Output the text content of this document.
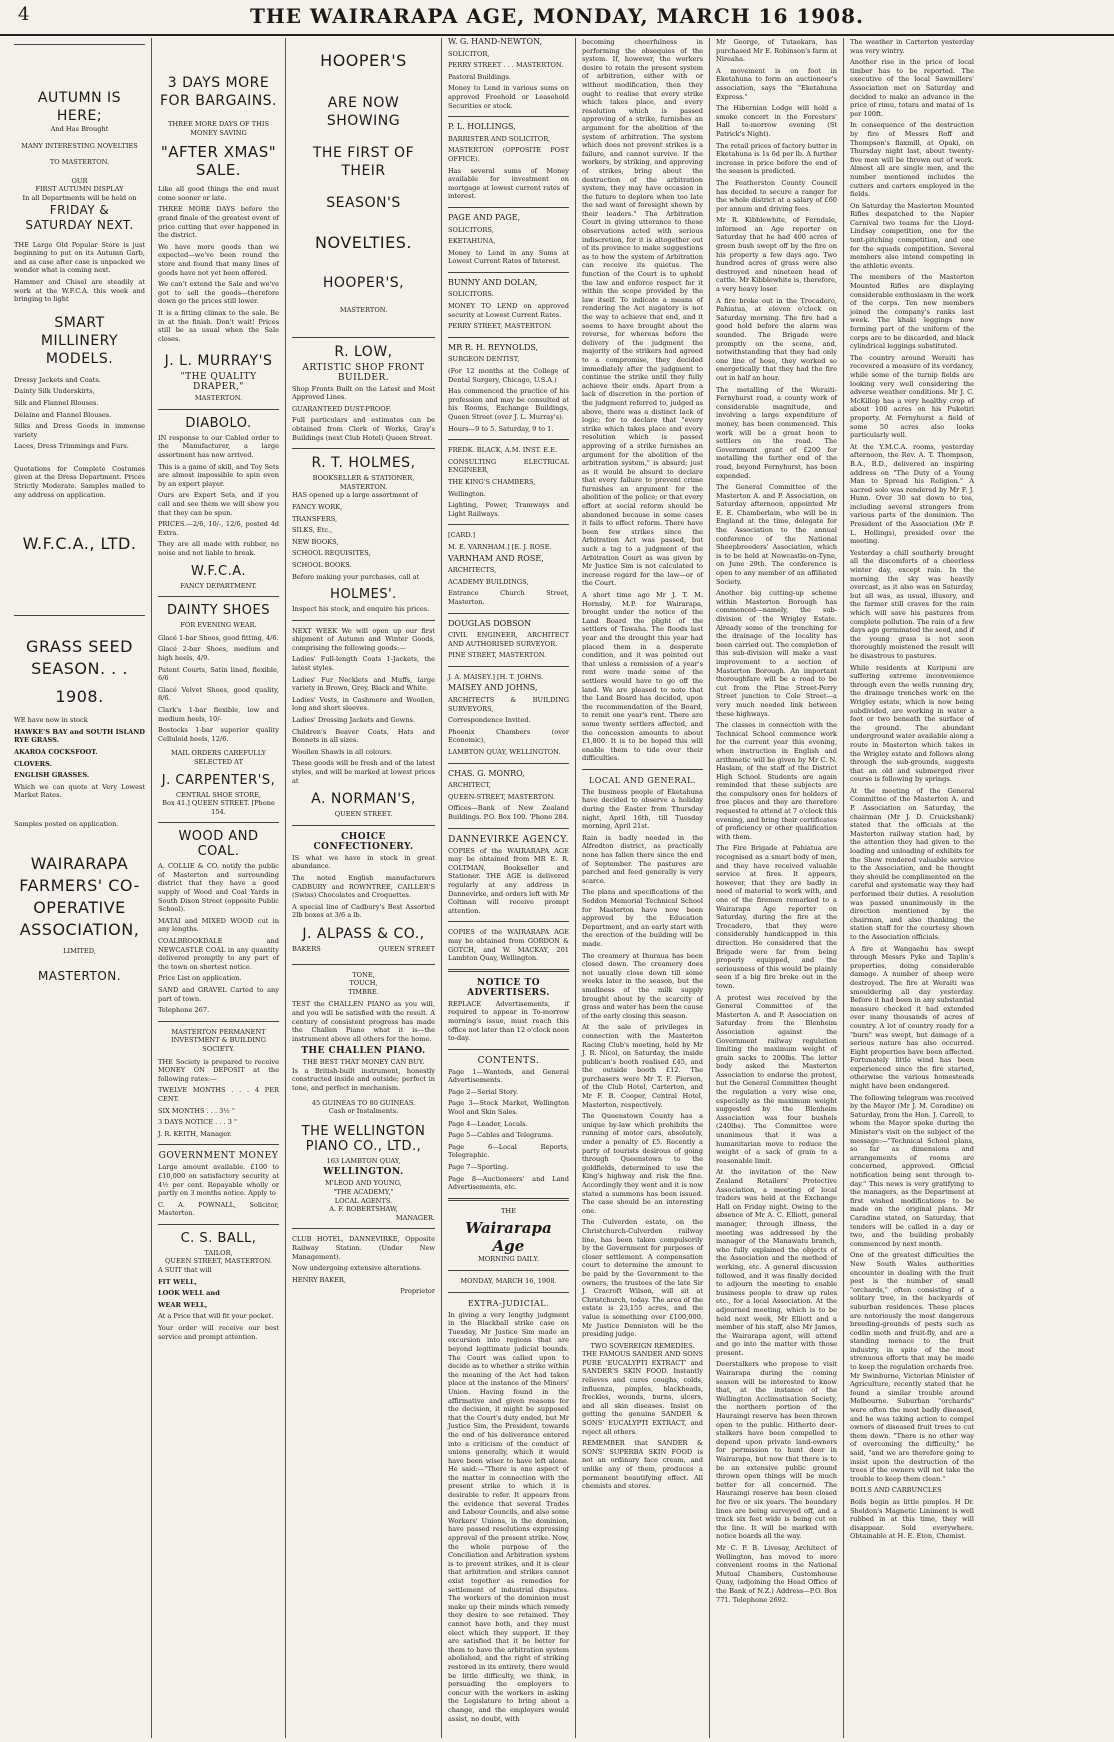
4	THE WAIRARAPA AGE, MONDAY, MARCH 16 1908.
AUTUMN IS HERE;
And Has Brought
MANY INTERESTING NOVELTIES
TO MASTERTON.
OUR
FIRST AUTUMN DISPLAY
In all Departments will be held on
FRIDAY & SATURDAY NEXT.

THE Large Old Popular Store is just beginning to put on its Autumn Garb, and as case after case is unpacked we wonder what is coming next.

Hammer and Chisel are steadily at work at the W.F.C.A. this week and bringing to light

SMART MILLINERY MODELS.

Dressy Jackets and Coats.

Dainty Silk Underskirts,

Silk and Flannel Blouses.

Delaine and Flannel Blouses.

Silks and Dress Goods in immense variety

Laces, Dress Trimmings and Furs.

Quotations for Complete Costumes given at the Dress Department. Prices Strictly Moderate. Samples mailed to any address on application.

W.F.C.A., LTD.
GRASS SEED SEASON. . .
1908.

WE have now in stock

HAWKE'S BAY and SOUTH ISLAND RYE GRASS.

AKAROA COCKSFOOT.

CLOVERS.

ENGLISH GRASSES.

Which we can quote at Very Lowest Market Rates.

Samples posted on application.

WAIRARAPA FARMERS' CO-OPERATIVE ASSOCIATION,
LIMITED,
MASTERTON.
3 DAYS MORE FOR BARGAINS.
THREE MORE DAYS OF THIS MONEY SAVING
"AFTER XMAS" SALE.

Like all good things the end must come sooner or late.

THREE MORE DAYS before the grand finale of the greatest event of price cutting that ever happened in the district.

We have more goods than we expected—we've been round the store and found that many lines of goods have not yet been offered.

We can't extend the Sale and we've got to sell the goods—therefore down go the prices still lower.

It is a fitting climax to the sale. Be in at the finish. Don't wait! Prices still be as usual when the Sale closes.

J. L. MURRAY'S
"THE QUALITY DRAPER,"
MASTERTON.
DIABOLO.

IN response to our Cabled order to the Manufacturer, a large assortment has now arrived.

This is a game of skill, and Toy Sets are almost impossible to spin even by an expert player.

Ours are Expert Sets, and if you call and see them we will show you that they can be spun.

PRICES.—2/6, 10/-, 12/6, posted 4d Extra.

They are all made with rubber, no noise and not liable to break.

W.F.C.A.
FANCY DEPARTMENT.
DAINTY SHOES
FOR EVENING WEAR.

Glacé 1-bar Shoes, good fitting, 4/6.

Glacé 2-bar Shoes, medium and high heels, 4/9.

Patent Courts, Satin lined, flexible, 6/6

Glacé Velvet Shoes, good quality, 8/6.

Clark's 1-bar flexible, low and medium heels, 10/-

Bostocks 1-bar superior quality Celluloid heels, 12/6.

MAIL ORDERS CAREFULLY SELECTED AT
J. CARPENTER'S,
CENTRAL SHOE STORE,
Box 41.] QUEEN STREET. [Phone 154.
WOOD AND COAL.

A. COLLIE & CO. notify the public of Masterton and surrounding district that they have a good supply of Wood and Coal Yards in South Dixon Street (opposite Public School).

MATAI and MIXED WOOD cut in any lengths.

COALBROOKDALE and NEWCASTLE COAL in any quantity delivered promptly to any part of the town on shortest notice.

Price List on application.

SAND and GRAVEL Carted to any part of town.

Telephone 267.

MASTERTON PERMANENT INVESTMENT & BUILDING SOCIETY.

THE Society is prepared to receive MONEY ON DEPOSIT at the following rates:—

TWELVE MONTHS . . . 4 PER CENT.

SIX MONTHS . . . 3½ "

3 DAYS NOTICE . . . 3 "

J. R. KEITH, Manager.

GOVERNMENT MONEY

Large amount available. £100 to £10,000 on satisfactory security at 4½ per cent. Repayable wholly or partly on 3 months notice. Apply to

C. A. POWNALL, Solicitor, Masterton.

C. S. BALL,
TAILOR,
QUEEN STREET, MASTERTON.

A SUIT that will

FIT WELL,

LOOK WELL and

WEAR WELL,

At a Price that will fit your pocket.

Your order will receive our best service and prompt attention.

HOOPER'S
ARE NOW SHOWING
THE FIRST OF THEIR
SEASON'S
NOVELTIES.
HOOPER'S,
MASTERTON.
R. LOW,
ARTISTIC SHOP FRONT BUILDER.

Shop Fronts Built on the Latest and Most Approved Lines.

GUARANTEED DUST-PROOF.

Full particulars and estimates can be obtained from Clerk of Works, Gray's Buildings (next Club Hotel) Queen Street.

R. T. HOLMES,
BOOKSELLER & STATIONER,
MASTERTON.

HAS opened up a large assortment of

FANCY WORK,

TRANSFERS,

SILKS, Etc.,

NEW BOOKS,

SCHOOL REQUISITES,

SCHOOL BOOKS.

Before making your purchases, call at

HOLMES'.

Inspect his stock, and enquire his prices.

NEXT WEEK We will open up our first shipment of Autumn and Winter Goods, comprising the following goods:—

Ladies' Full-length Coats 1-Jackets, the latest styles.

Ladies' Fur Necklets and Muffs, large variety in Brown, Grey, Black and White.

Ladies' Vests, in Cashmere and Woollen, long and short sleeves.

Ladies' Dressing Jackets and Gowns.

Children's Beaver Coats, Hats and Bonnets in all sizes.

Woollen Shawls in all colours.

These goods will be fresh and of the latest styles, and will be marked at lowest prices at

A. NORMAN'S,
QUEEN STREET.
CHOICE CONFECTIONERY.

IS what we have in stock in great abundance.

The noted English manufacturers CADBURY and ROWNTREE, CAILLER'S (Swiss) Chocolates and Croquettes.

A special line of Cadbury's Best Assorted 2lb boxes at 3/6 a lb.

J. ALPASS & CO.,
BAKERS	QUEEN STREET
TONE,
TOUCH,
TIMBRE.

TEST the CHALLEN PIANO as you will, and you will be satisfied with the result. A century of consistent progress has made the Challen Piano what it is—the instrument above all others for the home.

THE CHALLEN PIANO.
THE BEST THAT MONEY CAN BUY.

Is a British-built instrument, honestly constructed inside and outside; perfect in tone, and perfect in mechanism.

45 GUINEAS TO 80 GUINEAS.
Cash or Instalments.
THE WELLINGTON PIANO CO., LTD.,
163 LAMBTON QUAY,
WELLINGTON.
M'LEOD AND YOUNG,
"THE ACADEMY,"
LOCAL AGENTS.
A. F. ROBERTSHAW,
MANAGER.

CLUB HOTEL, DANNEVIRKE, Opposite Railway Station. (Under New Management).

Now undergoing extensive alterations.

HENRY BAKER,

Proprietor

W. G. HAND-NEWTON,

SOLICITOR,

PERRY STREET . . . MASTERTON.

Pastoral Buildings.

Money to Lend in various sums on approved Freehold or Leasehold Securities or stock.

P. L. HOLLINGS,

BARRISTER AND SOLICITOR,

MASTERTON (OPPOSITE POST OFFICE).

Has several sums of Money available for investment on mortgage at lowest current rates of interest.

PAGE AND PAGE,

SOLICITORS,

EKETAHUNA,

Money to Lend in any Sums at Lowest Current Rates of Interest.

BUNNY AND DOLAN,

SOLICITORS.

MONEY TO LEND on approved security at Lowest Current Rates.

PERRY STREET, MASTERTON.

MR R. H. REYNOLDS,

SURGEON DENTIST,

(For 12 months at the College of Dental Surgery, Chicago, U.S.A.)

Has commenced the practice of his profession and may be consulted at his Rooms, Exchange Buildings, Queen Street (over J. L. Murray's).

Hours—9 to 5. Saturday, 9 to 1.

FREDK. BLACK, A.M. INST. E.E.

CONSULTING ELECTRICAL ENGINEER,

THE KING'S CHAMBERS,

Wellington.

Lighting, Power, Tramways and Light Railways.

[CARD.]

M. E. VARNHAM.] [E. J. ROSE.

VARNHAM AND ROSE,

ARCHITECTS,

ACADEMY BUILDINGS,

Entrance Church Street, Masterton.

DOUGLAS DOBSON

CIVIL ENGINEER, ARCHITECT AND AUTHORISED SURVEYOR.

PINE STREET, MASTERTON.

J. A. MAISEY.] [H. T. JOHNS.

MAISEY AND JOHNS,

ARCHITECTS & BUILDING SURVEYORS,

Correspondence Invited.

Phoenix Chambers (over Economic),

LAMBTON QUAY, WELLINGTON.

CHAS. G. MONRO,

ARCHITECT,

QUEEN-STREET, MASTERTON.

Offices—Bank of New Zealand Buildings. P.O. Box 100. 'Phone 284.

DANNEVIRKE AGENCY.

COPIES of the WAIRARAPA AGE may be obtained from MR E. R. COLTMAN, Bookseller and Stationer. THE AGE is delivered regularly at any address in Dannevirke, and orders left with Mr Coltman will receive prompt attention.

COPIES of the WAIRARAPA AGE may be obtained from GORDON & GOTCH, and W. MACKAY, 201 Lambton Quay, Wellington.

NOTICE TO ADVERTISERS.

REPLACE Advertisements, if required to appear in To-morrow morning's issue, must reach this office not later than 12 o'clock noon to-day.

CONTENTS.

Page 1—Wanteds, and General Advertisements.

Page 2—Serial Story.

Page 3—Stock Market, Wellington Wool and Skin Sales.

Page 4—Leader, Locals.

Page 5—Cables and Telegrams.

Page 6—Local Reports, Telegraphic.

Page 7—Sporting.

Page 8—Auctioneers' and Land Advertisements, etc.

THE
Wairarapa Age
MORNING DAILY.
MONDAY, MARCH 16, 1908.
EXTRA-JUDICIAL.

In giving a very lengthy judgment in the Blackball strike case on Tuesday, Mr Justice Sim made an excursion into regions that are beyond legitimate judicial bounds. The Court was called upon to decide as to whether a strike within the meaning of the Act had taken place at the instance of the Miners' Union. Having found in the affirmative and given reasons for the decision, it might be supposed that the Court's duty ended, but Mr Justice Sim, the President, towards the end of his deliverance entered into a criticism of the conduct of unions generally, which it would have been wiser to have left alone. He said:—"There is one aspect of the matter in connection with the present strike to which it is desirable to refer. It appears from the evidence that several Trades and Labour Councils, and also some Workers' Unions, in the dominion, have passed resolutions expressing approval of the present strike. Now, the whole purpose of the Conciliation and Arbitration system is to prevent strikes, and it is clear that arbitration and strikes cannot exist together as remedies for settlement of industrial disputes. The workers of the dominion must make up their minds which remedy they desire to see retained. They cannot have both, and they must elect which they support. If they are satisfied that it be better for them to have the arbitration system abolished, and the right of striking restored in its entirety, there would be little difficulty, we think, in persuading the employers to concur with the workers in asking the Legislature to bring about a change, and the employers would assist, no doubt, with

becoming cheerfulness in performing the obsequies of the system. If, however, the workers desire to retain the present system of arbitration, either with or without modification, then they ought to realise that every strike which takes place, and every resolution which is passed approving of a strike, furnishes an argument for the abolition of the system of arbitration. The system which does not prevent strikes is a failure, and cannot survive. If the workers, by striking, and approving of strikes, bring about the destruction of the arbitration system, they may have occasion in the future to deplore when too late the sad want of foresight shown by their leaders." The Arbitration Court in giving utterance to these observations acted with serious indiscretion, for it is altogether out of its province to make suggestions as to how the system of Arbitration can receive its quietus. The function of the Court is to uphold the law and enforce respect for it within the scope provided by the law itself. To indicate a means of rendering the Act nugatory is not the way to achieve that end, and it seems to have brought about the reverse, for whereas before the delivery of the judgment the majority of the strikers had agreed to a compromise, they decided immediately after the judgment to continue the strike until they fully achieve their ends. Apart from a lack of discretion in the portion of the judgment referred to, judged as above, there was a distinct lack of logic; for to declare that "every strike which takes place and every resolution which is passed approving of a strike furnishes an argument for the abolition of the arbitration system," is absurd; just as it would be absurd to declare that every failure to prevent crime furnishes an argument for the abolition of the police; or that every effort at social reform should be abandoned because in some cases it fails to effect reform. There have been few strikes since the Arbitration Act was passed, but such a tag to a judgment of the Arbitration Court as was given by Mr Justice Sim is not calculated to increase regard for the law—or of the Court.

A short time ago Mr J. T. M. Hornsby, M.P. for Wairarapa, brought under the notice of the Land Board the plight of the settlers of Tawaha. The floods last year and the drought this year had placed them in a desperate condition, and it was pointed out that unless a remission of a year's rent were made some of the settlers would have to go off the land. We are pleased to note that the Land Board has decided, upon the recommendation of the Board, to remit one year's rent. There are some twenty settlers affected, and the concession amounts to about £1,800. It is to be hoped this will enable them to tide over their difficulties.

LOCAL AND GENERAL.

The business people of Eketahuna have decided to observe a holiday during the Easter from Thursday night, April 16th, till Tuesday morning, April 21st.

Rain is badly needed in the Alfredton district, as practically none has fallen there since the end of September. The pastures are parched and feed generally is very scarce.

The plans and specifications of the Seddon Memorial Technical School for Masterton have now been approved by the Education Department, and an early start with the erection of the building will be made.

The creamery at Ihuraua has been closed down. The creamery does not usually close down till some weeks later in the season, but the smallness of the milk supply brought about by the scarcity of grass and water has been the cause of the early closing this season.

At the sale of privileges in connection with the Masterton Racing Club's meeting, held by Mr J. R. Nicol, on Saturday, the inside publican's booth realised £45, and the outside booth £12. The purchasers were Mr T. F. Pierson, of the Club Hotel, Carterton, and Mr F. B. Cooper, Central Hotel, Masterton, respectively.

The Queenstown County has a unique by-law which prohibits the running of motor cars, absolutely, under a penalty of £5. Recently a party of tourists desirous of going through Queenstown to the goldfields, determined to use the King's highway and risk the fine. Accordingly they went and it is now stated a summons has been issued. The case should be an interesting one.

The Culverden estate, on the Christchurch-Culverden railway line, has been taken compulsorily by the Government for purposes of closer settlement. A compensation court to determine the amount to be paid by the Government to the owners, the trustees of the late Sir J. Cracroft Wilson, will sit at Christchurch, today. The area of the estate is 23,155 acres, and the value is something over £100,000. Mr Justice Denniston will be the presiding judge.

TWO SOVEREIGN REMEDIES.

THE FAMOUS SANDER AND SONS PURE 'EUCALYPTI EXTRACT' and SANDER'S SKIN FOOD. Instantly relieves and cures coughs, colds, influenza, pimples, blackheads, freckles, wounds, burns, ulcers, and all skin diseases. Insist on getting the genuine SANDER & SONS' EUCALYPTI EXTRACT, and reject all others.

REMEMBER that SANDER & SONS' SUPERBA SKIN FOOD is not an ordinary face cream, and unlike any of them, produces a permanent beautifying effect. All chemists and stores.

Mr George, of Tutaekara, has purchased Mr E. Robinson's farm at Nireaha.

A movement is on foot in Eketahuna to form an auctioneer's association, says the "Eketahuna Express."

The Hibernian Lodge will hold a smoke concert in the Foresters' Hall to-morrow evening (St Patrick's Night).

The retail prices of factory butter in Eketahuna is 1s 6d per lb. A further increase in price before the end of the season is predicted.

The Featherston County Council has decided to secure a ranger for the whole district at a salary of £60 per annum and driving fees.

Mr R. Kibblewhite, of Ferndale, informed an Age reporter on Saturday that he had 400 acres of green bush swept off by the fire on his property a few days ago. Two hundred acres of grass were also destroyed and nineteen head of cattle. Mr Kibblewhite is, therefore, a very heavy loser.

A fire broke out in the Trocadero, Pahiatua, at eleven o'clock on Saturday morning. The fire had a good hold before the alarm was sounded. The Brigade were promptly on the scene, and, notwithstanding that they had only one line of hose, they worked so energetically that they had the fire out in half an hour.

The metalling of the Weraiti-Fernyhurst road, a county work of considerable magnitude, and involving a large expenditure of money, has been commenced. This work will be a great boon to settlers on the road. The Government grant of £200 for metalling the farther end of the road, beyond Fernyhurst, has been expended.

The General Committee of the Masterton A. and P. Association, on Saturday afternoon, appointed Mr E. E. Chamberlain, who will be in England at the time, delegate for the Association to the annual conference of the National Sheepbreeders' Association, which is to be held at Newcastle-on-Tyne, on June 29th. The conference is open to any member of an affiliated Society.

Another big cutting-up scheme within Masterton Borough has commenced—namely, the sub-division of the Wrigley Estate. Already some of the trenching for the drainage of the locality has been carried out. The completion of this sub-division will make a vast improvement to a section of Masterton Borough. An important thoroughfare will be a road to be cut from the Pine Street-Perry Street junction to Cole Street—a very much needed link between these highways.

The classes in connection with the Technical School commence work for the current year this evening, when instruction in English and arithmetic will be given by Mr C. N. Haslam, of the staff of the District High School. Students are again reminded that these subjects are the compulsory ones for holders of free places and they are therefore requested to attend at 7 o'clock this evening, and bring their certificates of proficiency or other qualification with them.

The Fire Brigade at Pahiatua are recognised as a smart body of men, and they have received valuable service at fires. It appears, however, that they are badly in need of material to work with, and one of the firemen remarked to a Wairarapa Age reporter on Saturday, during the fire at the Trocadero, that they were considerably handicapped in this direction. He considered that the Brigade were far from being properly equipped, and the seriousness of this would be plainly seen if a big fire broke out in the town.

A protest was received by the General Committee of the Masterton A. and P. Association on Saturday from the Blenheim Association against the Government railway regulation limiting the maximum weight of grain sacks to 200lbs. The letter body asked the Masterton Association to endorse the protest, but the General Committee thought the regulation a very wise one, especially as the maximum weight suggested by the Blenheim Association was four bushels (240lbs). The Committee were unanimous that it was a humanitarian move to reduce the weight of a sack of grain to a reasonable limit.

At the invitation of the New Zealand Retailers' Protective Association, a meeting of local traders was held at the Exchange Hall on Friday night. Owing to the absence of Mr A. C. Elliott, general manager, through illness, the meeting was addressed by the manager of the Manawatu branch, who fully explained the objects of the Association and the method of working, etc. A general discussion followed, and it was finally decided to adjourn the meeting to enable business people to draw up rules etc., for a local Association. At the adjourned meeting, which is to be held next week, Mr Elliott and a member of his staff, also Mr James, the Wairarapa agent, will attend and go into the matter with those present.

Deerstalkers who propose to visit Wairarapa during the coming season will be interested to know that, at the instance of the Wellington Acclimatisation Society, the northern portion of the Hauraingi reserve has been thrown open to the public. Hitherto deer-stalkers have been compelled to depend upon private land-owners for permission to hunt deer in Wairarapa, but now that there is to be an extensive public ground thrown open things will be much better for all concerned. The Hauraingi reserve has been closed for five or six years. The boundary lines are being surveyed off, and a track six feet wide is being cut on the line. It will be marked with notice boards all the way.

Mr C. P. B. Livesay, Architect of Wellington, has moved to more convenient rooms in the National Mutual Chambers, Customhouse Quay, (adjoining the Head Office of the Bank of N.Z.) Address—P.O. Box 771. Telephone 2692.

The weather in Carterton yesterday was very wintry.

Another rise in the price of local timber has to be reported. The executive of the local Sawmillers' Association met on Saturday and decided to make an advance in the price of rimu, totara and matai of 1s per 100ft.

In consequence of the destruction by fire of Messrs Roff and Thompson's flaxmill, at Opaki, on Thursday night last, about twenty-five men will be thrown out of work. Almost all are single men, and the number mentioned includes the cutters and carters employed in the fields.

On Saturday the Masterton Mounted Rifles despatched to the Napier Carnival two teams for the Lloyd-Lindsay competition, one for the tent-pitching competition, and one for the squads competition. Several members also intend competing in the athletic events.

The members of the Masterton Mounted Rifles are displaying considerable enthusiasm in the work of the corps. Ten new members joined the company's ranks last week. The khaki leggings now forming part of the uniform of the corps are to be discarded, and black cylindrical leggings substituted.

The country around Weraiti has recovered a measure of its verdancy, while some of the turnip fields are looking very well considering the adverse weather conditions. Mr J. C. McKillop has a very healthy crop of about 100 acres on his Puketiri property. At Fernyhurst a field of some 50 acres also looks particularly well.

At the Y.M.C.A. rooms, yesterday afternoon, the Rev. A. T. Thompson, B.A., B.D., delivered an inspiring address on "The Duty of a Young Man to Spread his Religion." A sacred solo was rendered by Mr F. J. Hunn. Over 30 sat down to tea, including several strangers from various parts of the dominion. The President of the Association (Mr P. L. Hollings), presided over the meeting.

Yesterday a chill southerly brought all the discomforts of a cheerless winter day, except rain. In the morning the sky was heavily overcast, as it also was on Saturday, but all was, as usual, illusory, and the farmer still craves for the rain which will save his pastures from complete pollution. The rain of a few days ago germinated the seed, and if the young grass is not soon thoroughly moistened the result will be disastrous to pastures.

While residents at Kuripuni are suffering extreme inconvenience through even the wells running dry, the drainage trenches work on the Wrigley estate, which is now being subdivided, are working in water a foot or two beneath the surface of the ground. The abundant underground water available along a route in Masterton which takes in the Wrigley estate and follows along through the sub-grounds, suggests that an old and submerged river course is following by springs.

At the meeting of the General Committee of the Masterton A. and P. Association on Saturday, the chairman (Mr J. D. Cruickshank) stated that the officials at the Masterton railway station had, by the attention they had given to the loading and unloading of exhibits for the Show rendered valuable service to the Association, and he thought they should be complimented on the careful and systematic way they had performed their duties. A resolution was passed unanimously in the direction mentioned by the chairman, and also thanking the station staff for the courtesy shown to the Association officials.

A fire at Wangaehu has swept through Messrs Pyke and Taplin's properties, doing considerable damage. A number of sheep were destroyed. The fire at Weraiti was smouldering all day yesterday. Before it had been in any substantial measure checked it had extended over many thousands of acres of country. A lot of country ready for a "burn" was swept, but damage of a serious nature has also occurred. Eight properties have been affected. Fortunately little wind has been experienced since the fire started, otherwise the various homesteads might have been endangered.

The following telegram was received by the Mayor (Mr J. M. Coradine) on Saturday, from the Hon. J. Carroll, to whom the Mayor spoke during the Minister's visit on the subject of the message:—"Technical School plans, so far as dimensions and arrangements of rooms are concerned, approved. Official notification being sent through to-day." This news is very gratifying to the managers, as the Department at first wished modifications to be made on the original plans. Mr Caradine stated, on Saturday, that tenders will be called in a day or two, and the building probably commenced by next month.

One of the greatest difficulties the New South Wales authorities encounter in dealing with the fruit pest is the number of small "orchards," often consisting of a solitary tree, in the backyards of suburban residences. These places are notoriously the most dangerous breeding-grounds of pests such as codlin moth and fruit-fly, and are a standing menace to the fruit industry, in spite of the most strenuous efforts that may be made to keep the regulation orchards free. Mr Swinburne, Victorian Minister of Agriculture, recently stated that he found a similar trouble around Melbourne. Suburban "orchards" were often the most badly diseased, and he was taking action to compel owners of diseased fruit trees to cut them down. "There is no other way of overcoming the difficulty," he said, "and we are therefore going to insist upon the destruction of the trees if the owners will not take the trouble to keep them clean."

BOILS AND CARBUNCLES

Boils begin as little pimples. H Dr. Sheldon's Magnetic Liniment is well rubbed in at this time, they will disappear. Sold everywhere. Obtainable at H. E. Eton, Chemist.
